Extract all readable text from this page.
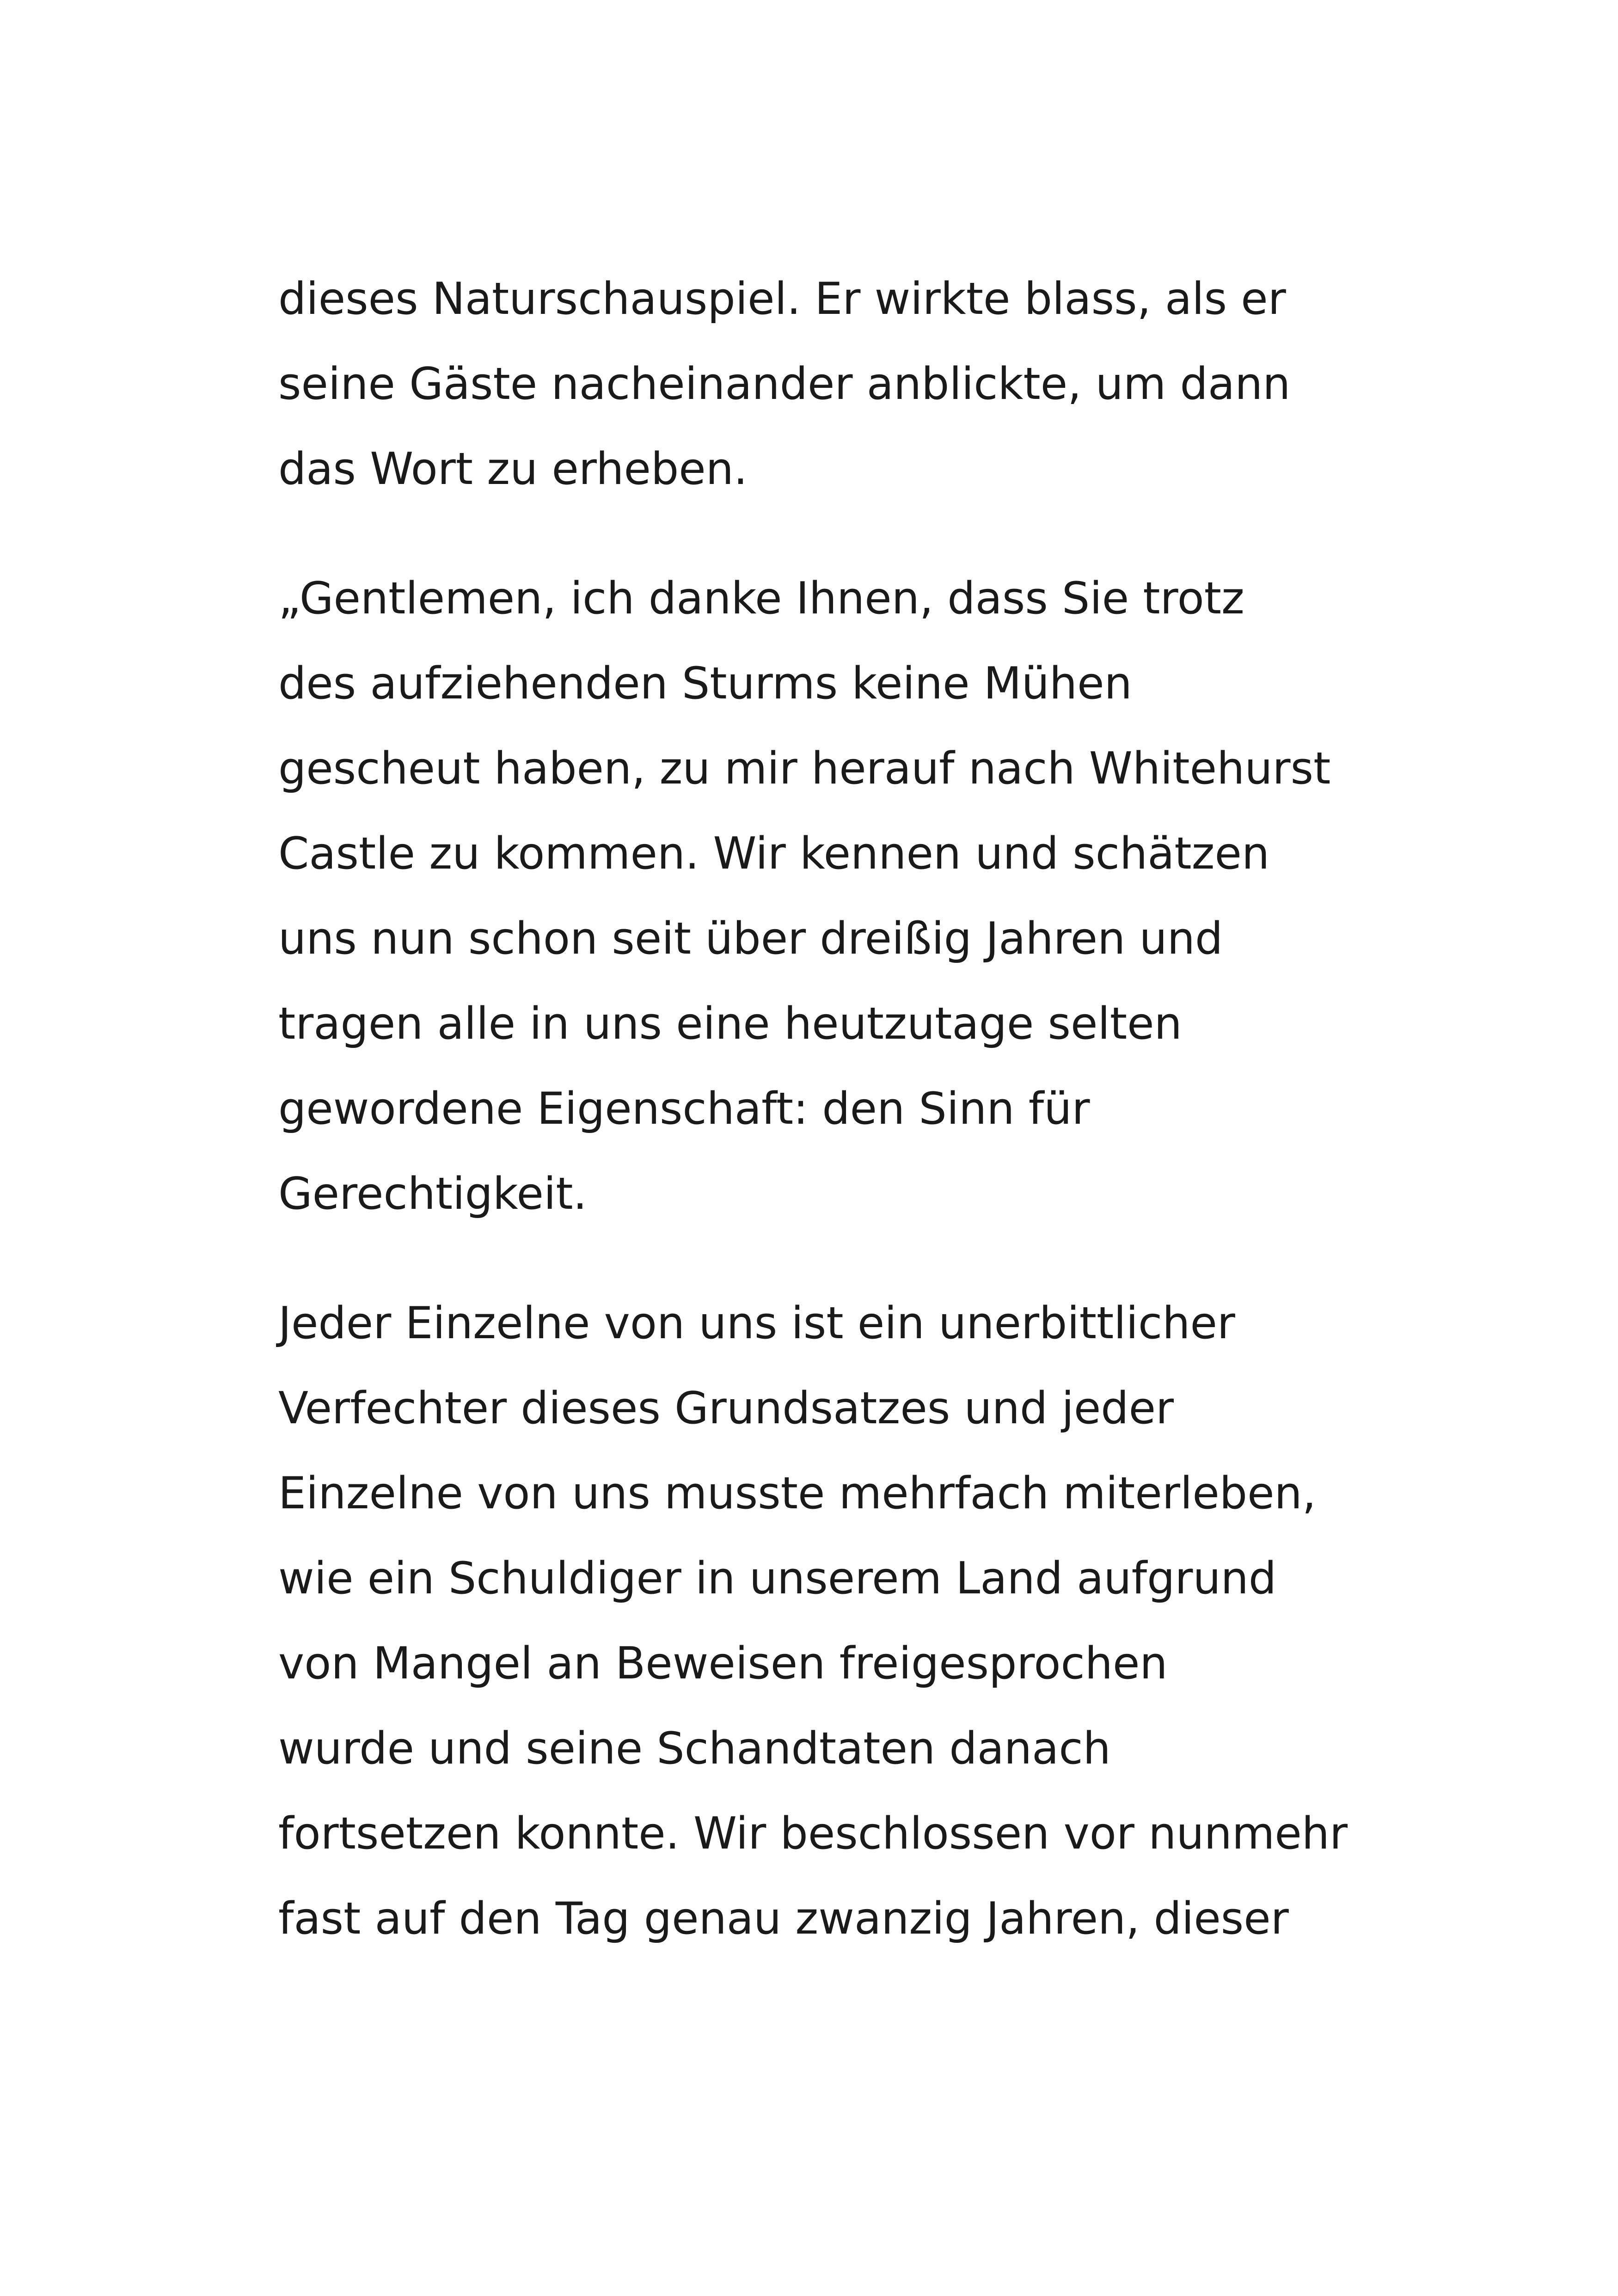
dieses Naturschauspiel. Er wirkte blass, als er
seine Gäste nacheinander anblickte, um dann
das Wort zu erheben.

„Gentlemen, ich danke Ihnen, dass Sie trotz
des aufziehenden Sturms keine Mühen
gescheut haben, zu mir herauf nach Whitehurst
Castle zu kommen. Wir kennen und schätzen
uns nun schon seit über dreißig Jahren und
tragen alle in uns eine heutzutage selten
gewordene Eigenschaft: den Sinn für
Gerechtigkeit.

Jeder Einzelne von uns ist ein unerbittlicher
Verfechter dieses Grundsatzes und jeder
Einzelne von uns musste mehrfach miterleben,
wie ein Schuldiger in unserem Land aufgrund
von Mangel an Beweisen freigesprochen
wurde und seine Schandtaten danach
fortsetzen konnte. Wir beschlossen vor nunmehr
fast auf den Tag genau zwanzig Jahren, dieser
